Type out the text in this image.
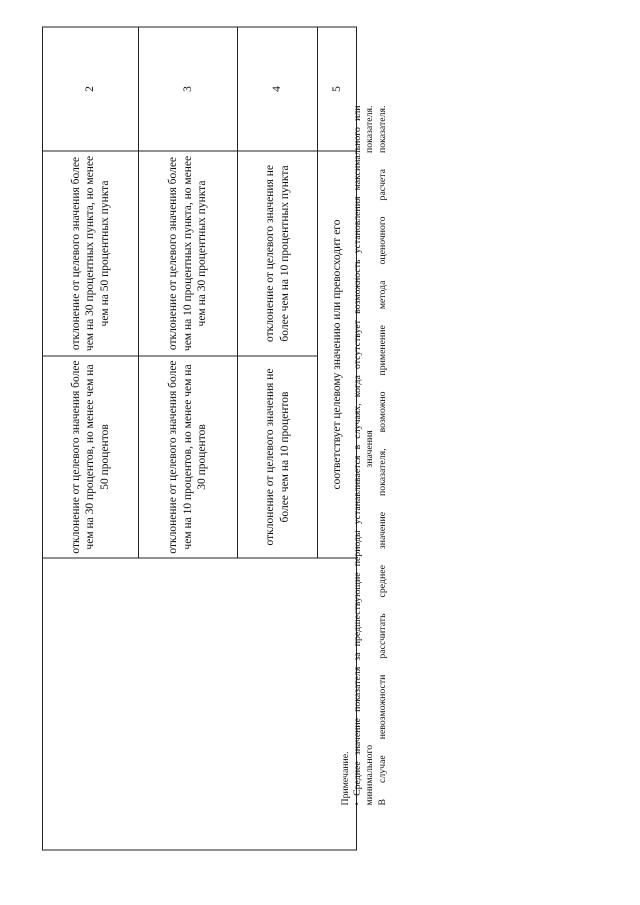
	отклонение от целевого значения более чем на 30 процентов, но менее чем на 50 процентов	отклонение от целевого значения более чем на 30 процентных пункта, но менее чем на 50 процентных пункта	2
	отклонение от целевого значения более чем на 10 процентов, но менее чем на 30 процентов	отклонение от целевого значения более чем на 10 процентных пункта, но менее чем на 30 процентных пункта	3
	отклонение от целевого значения не более чем на 10 процентов	отклонение от целевого значения не более чем на 10 процентных пункта	4
	соответствует целевому значению или превосходит его		5

Примечание. • Среднее значение показателя за предшествующие периоды устанавливается в случаях, когда отсутствует возможность установления максимального или минимального значения показателя. В случае невозможности рассчитать среднее значение показателя, возможно применение метода оценочного расчета показателя.
